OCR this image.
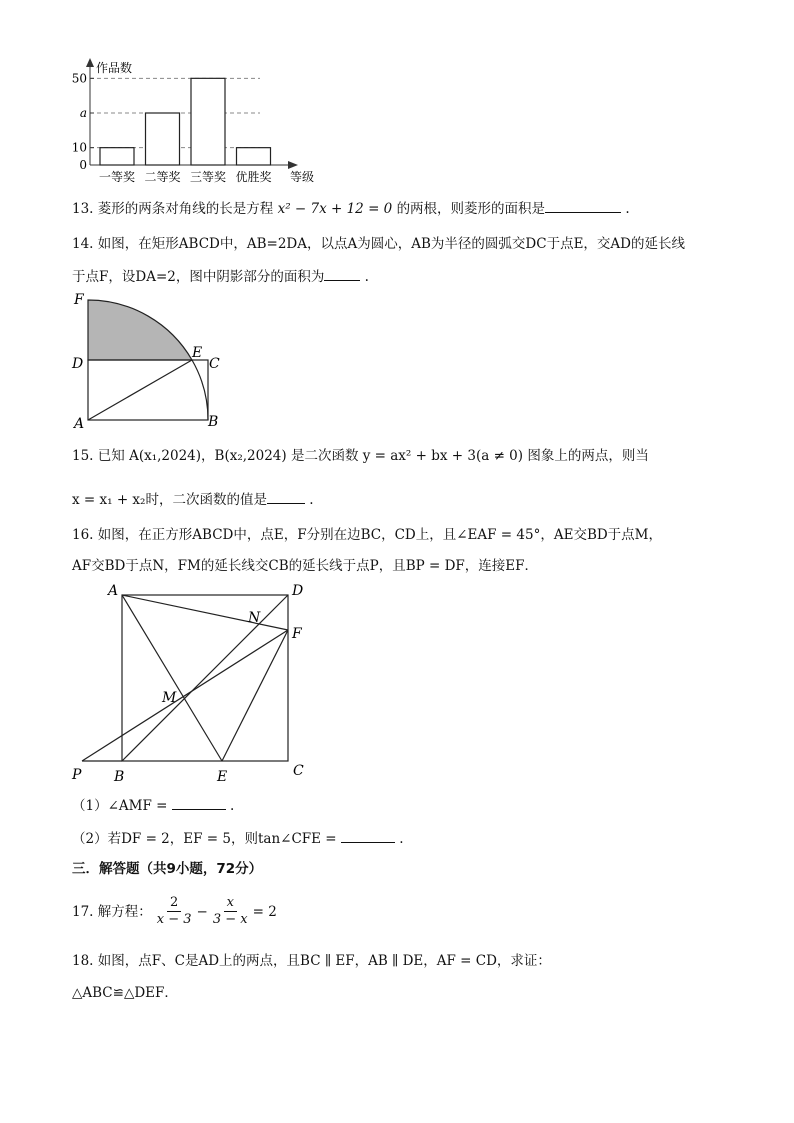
0
10
a
50
一等奖 二等奖 三等奖 优胜奖
作品数
等级
13. 菱形的两条对角线的长是方程 x² − 7x + 12 = 0 的两根，则菱形的面积是	.
14. 如图，在矩形ABCD中，AB=2DA，以点A为圆心，AB为半径的圆弧交DC于点E，交AD的延长线
于点F，设DA=2，图中阴影部分的面积为	.
F
D
E
C
A	B
15. 已知 A(x₁,2024)，B(x₂,2024) 是二次函数 y = ax² + bx + 3(a ≠ 0) 图象上的两点，则当
x = x₁ + x₂时，二次函数的值是	.
16. 如图，在正方形ABCD中，点E，F分别在边BC，CD上，且∠EAF = 45°，AE交BD于点M，
AF交BD于点N，FM的延长线交CB的延长线于点P，且BP = DF，连接EF．
A	D
N
F
M
P B	E	C
（1）∠AMF =	.
（2）若DF = 2，EF = 5，则tan∠CFE =	.
三．解答题（共9小题，72分）
17.
解方程： $\frac{2}{x - 3} - \frac{x}{3 - x} = 2$
18. 如图，点F、C是AD上的两点，且BC ∥ EF，AB ∥ DE，AF = CD，求证：
△ABC≌△DEF．
